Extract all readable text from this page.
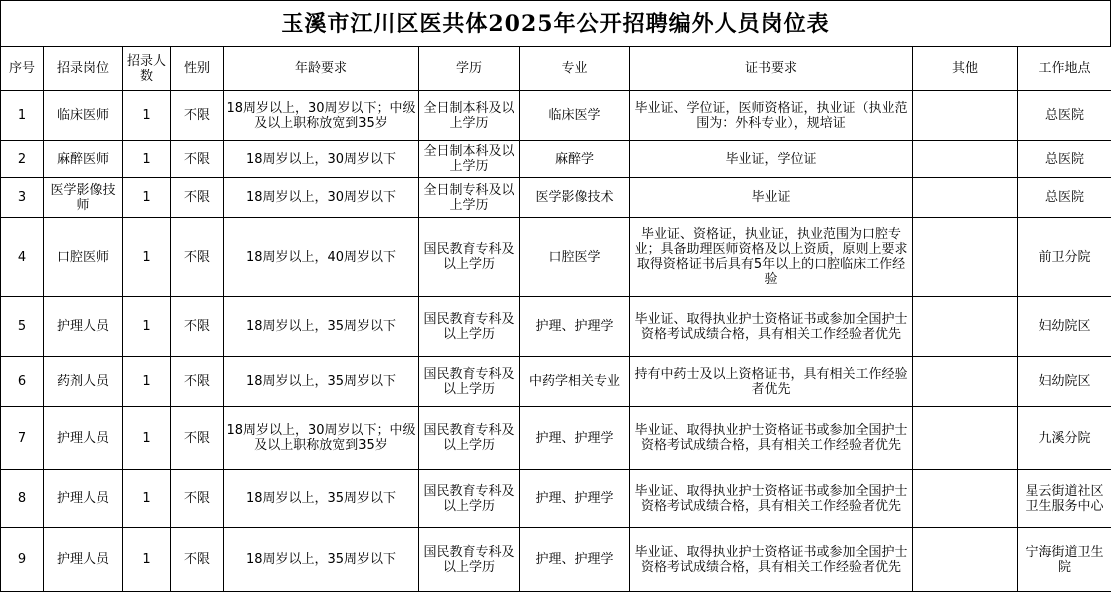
玉溪市江川区医共体2025年公开招聘编外人员岗位表
序号	招录岗位	招录人数	性别	年龄要求	学历	专业	证书要求	其他	工作地点
1	临床医师	1	不限	18周岁以上，30周岁以下；中级及以上职称放宽到35岁	全日制本科及以上学历	临床医学	毕业证、学位证，医师资格证，执业证（执业范围为：外科专业），规培证		总医院
2	麻醉医师	1	不限	18周岁以上，30周岁以下	全日制本科及以上学历	麻醉学	毕业证，学位证		总医院
3	医学影像技师	1	不限	18周岁以上，30周岁以下	全日制专科及以上学历	医学影像技术	毕业证		总医院
4	口腔医师	1	不限	18周岁以上，40周岁以下	国民教育专科及以上学历	口腔医学	毕业证、资格证，执业证，执业范围为口腔专业；具备助理医师资格及以上资质，原则上要求取得资格证书后具有5年以上的口腔临床工作经验		前卫分院
5	护理人员	1	不限	18周岁以上，35周岁以下	国民教育专科及以上学历	护理、护理学	毕业证、取得执业护士资格证书或参加全国护士资格考试成绩合格，具有相关工作经验者优先		妇幼院区
6	药剂人员	1	不限	18周岁以上，35周岁以下	国民教育专科及以上学历	中药学相关专业	持有中药士及以上资格证书，具有相关工作经验者优先		妇幼院区
7	护理人员	1	不限	18周岁以上，30周岁以下；中级及以上职称放宽到35岁	国民教育专科及以上学历	护理、护理学	毕业证、取得执业护士资格证书或参加全国护士资格考试成绩合格，具有相关工作经验者优先		九溪分院
8	护理人员	1	不限	18周岁以上，35周岁以下	国民教育专科及以上学历	护理、护理学	毕业证、取得执业护士资格证书或参加全国护士资格考试成绩合格，具有相关工作经验者优先		星云街道社区卫生服务中心
9	护理人员	1	不限	18周岁以上，35周岁以下	国民教育专科及以上学历	护理、护理学	毕业证、取得执业护士资格证书或参加全国护士资格考试成绩合格，具有相关工作经验者优先		宁海街道卫生院
